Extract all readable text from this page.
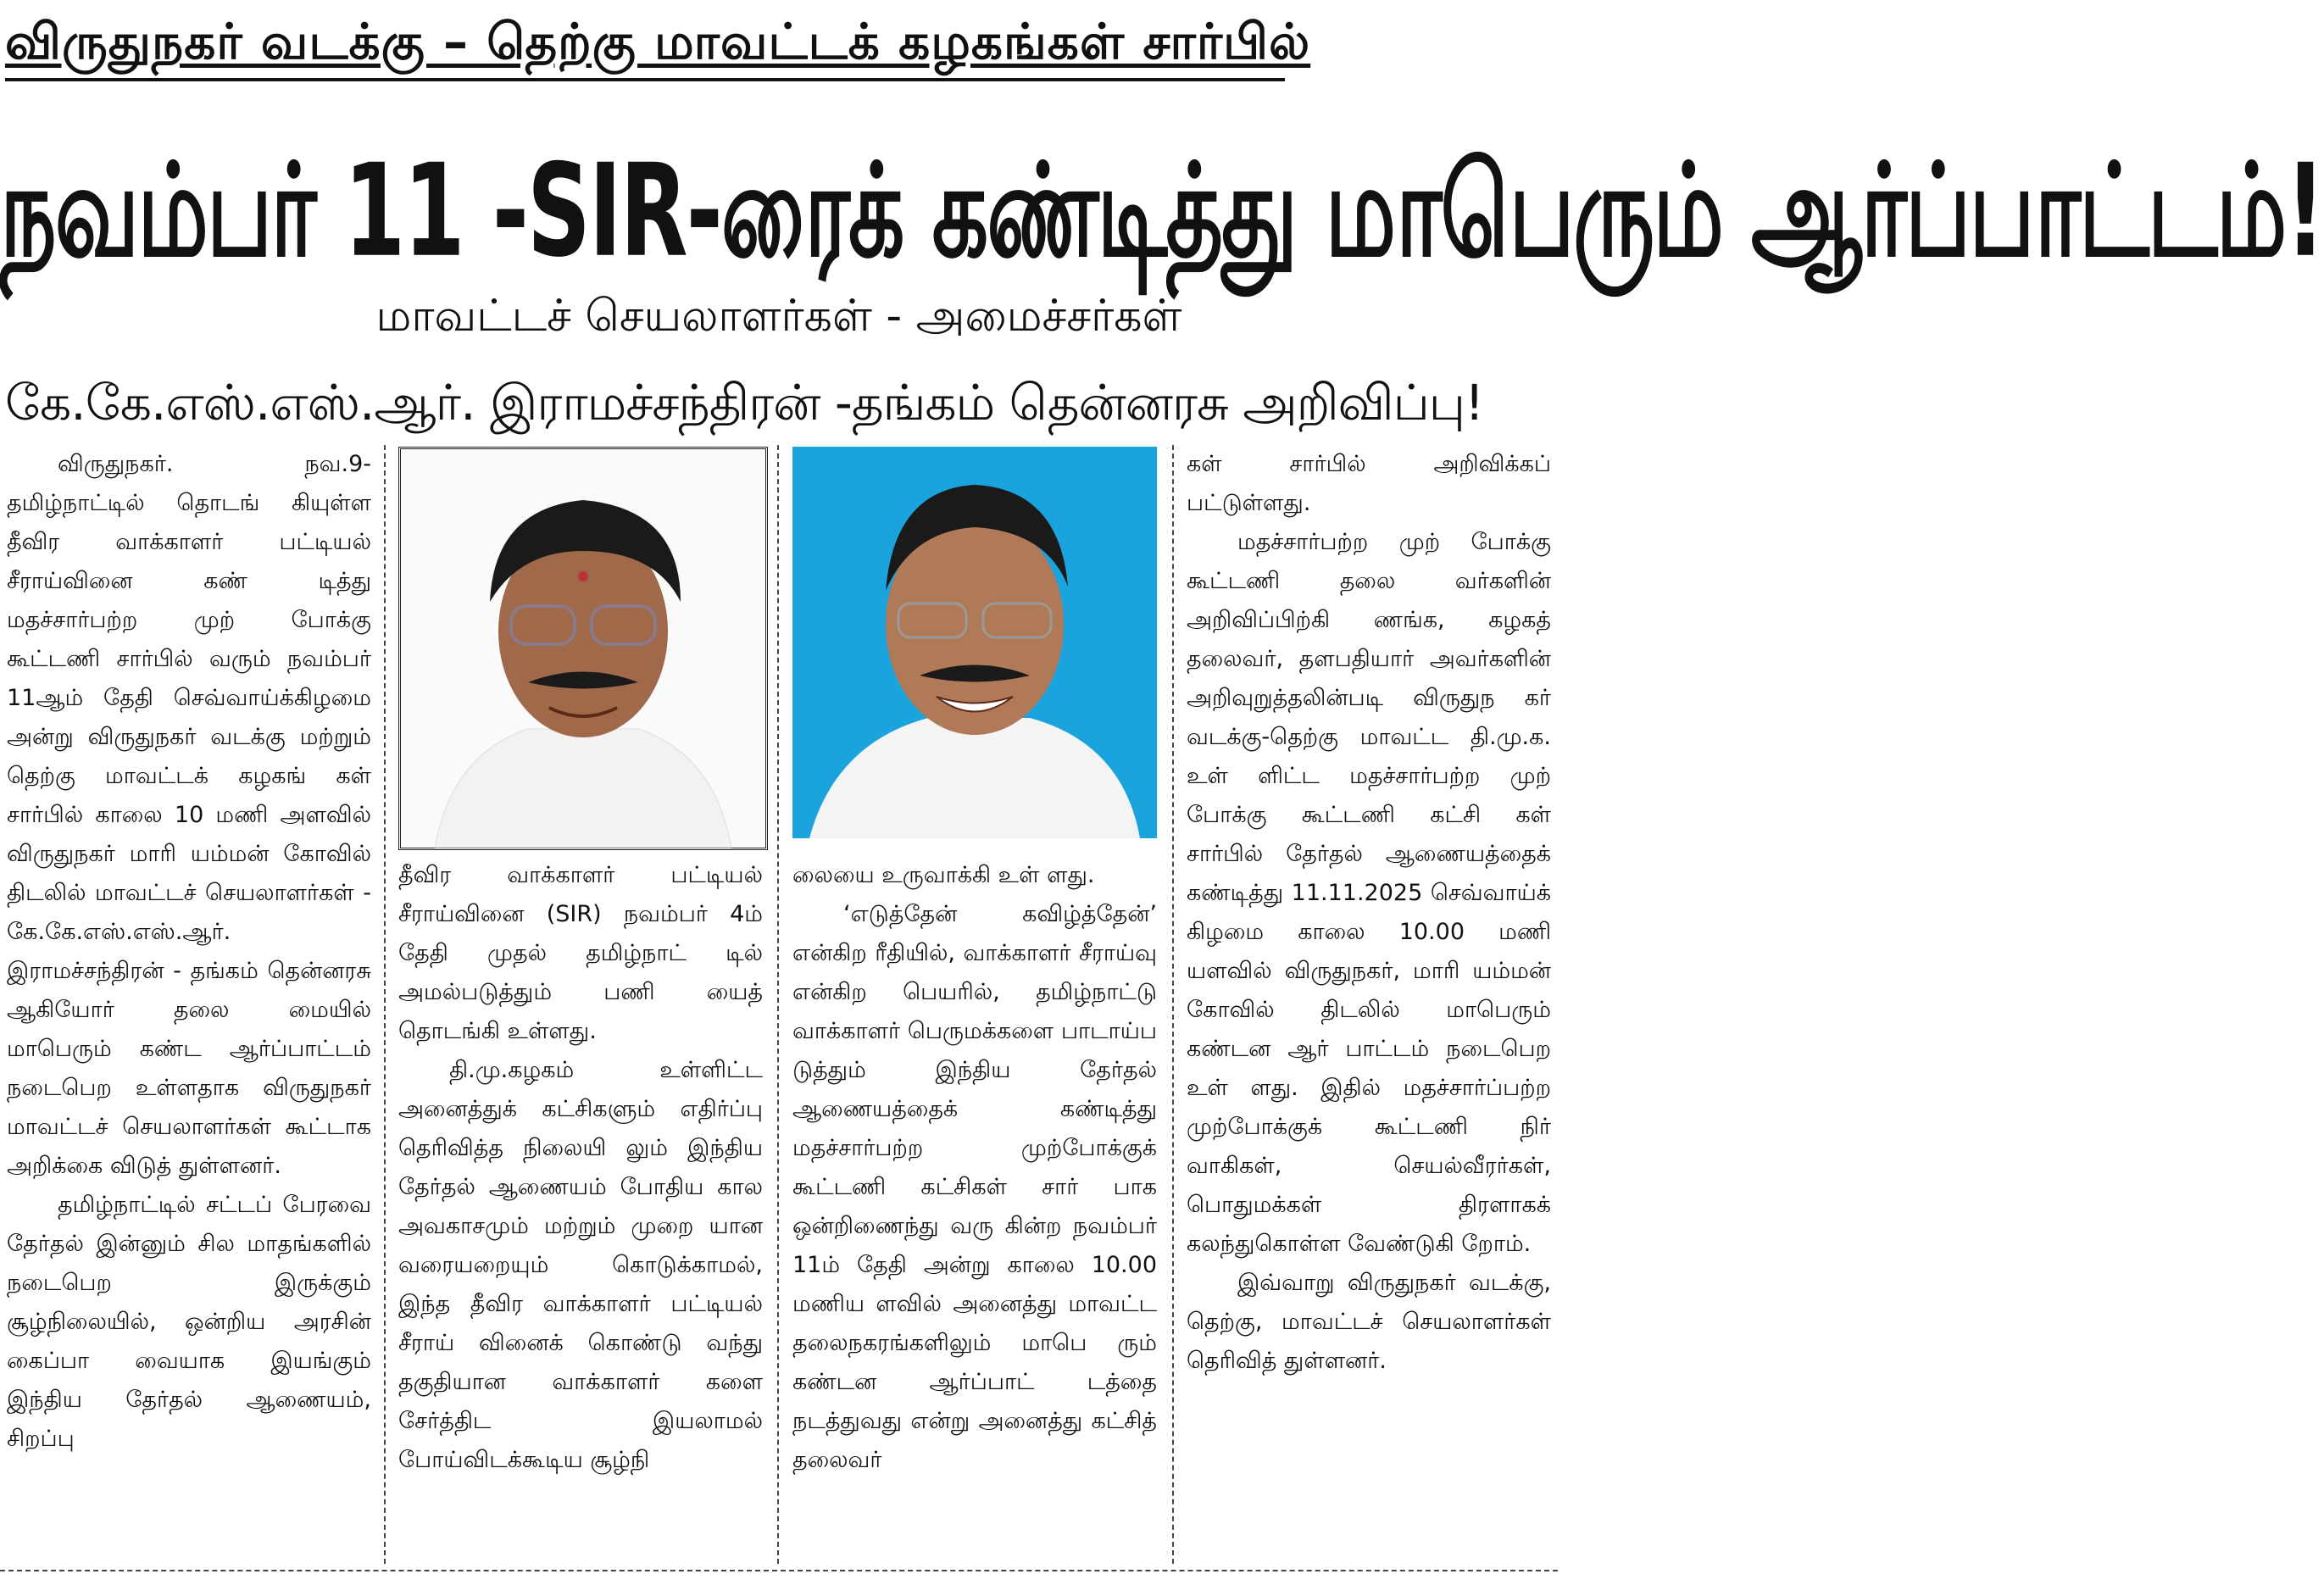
விருதுநகர் வடக்கு – தெற்கு மாவட்டக் கழகங்கள் சார்பில்
நவம்பர் 11 -SIR-ரைக் கண்டித்து மாபெரும் ஆர்ப்பாட்டம்!
மாவட்டச் செயலாளர்கள் - அமைச்சர்கள்
கே.கே.எஸ்.எஸ்.ஆர். இராமச்சந்திரன் -தங்கம் தென்னரசு அறிவிப்பு!

விருதுநகர். நவ.9- தமிழ்நாட்டில் தொடங் கியுள்ள தீவிர வாக்காளர் பட்டியல் சீராய்வினை கண் டித்து மதச்சார்பற்ற முற் போக்கு கூட்டணி சார்பில் வரும் நவம்பர் 11ஆம் தேதி செவ்வாய்க்கிழமை அன்று விருதுநகர் வடக்கு மற்றும் தெற்கு மாவட்டக் கழகங் கள் சார்பில் காலை 10 மணி அளவில் விருதுநகர் மாரி யம்மன் கோவில் திடலில் மாவட்டச் செயலாளர்கள் - கே.கே.எஸ்.எஸ்.ஆர். இராமச்சந்திரன் - தங்கம் தென்னரசு ஆகியோர் தலை மையில் மாபெரும் கண்ட ஆர்ப்பாட்டம் நடைபெற உள்ளதாக விருதுநகர் மாவட்டச் செயலாளர்கள் கூட்டாக அறிக்கை விடுத் துள்ளனர்.

தமிழ்நாட்டில் சட்டப் பேரவை தேர்தல் இன்னும் சில மாதங்களில் நடைபெற இருக்கும் சூழ்நிலையில், ஒன்றிய அரசின் கைப்பா வையாக இயங்கும் இந்திய தேர்தல் ஆணையம், சிறப்பு

தீவிர வாக்காளர் பட்டியல் சீராய்வினை (SIR) நவம்பர் 4ம் தேதி முதல் தமிழ்நாட் டில் அமல்படுத்தும் பணி யைத் தொடங்கி உள்ளது.

தி.மு.கழகம் உள்ளிட்ட அனைத்துக் கட்சிகளும் எதிர்ப்பு தெரிவித்த நிலையி லும் இந்திய தேர்தல் ஆணையம் போதிய கால அவகாசமும் மற்றும் முறை யான வரையறையும் கொடுக்காமல், இந்த தீவிர வாக்காளர் பட்டியல் சீராய் வினைக் கொண்டு வந்து தகுதியான வாக்காளர் களை சேர்த்திட இயலாமல் போய்விடக்கூடிய சூழ்நி

லையை உருவாக்கி உள் ளது.

‘எடுத்தேன் கவிழ்த்தேன்’ என்கிற ரீதியில், வாக்காளர் சீராய்வு என்கிற பெயரில், தமிழ்நாட்டு வாக்காளர் பெருமக்களை பாடாய்ப டுத்தும் இந்திய தேர்தல் ஆணையத்தைக் கண்டித்து மதச்சார்பற்ற முற்போக்குக் கூட்டணி கட்சிகள் சார் பாக ஒன்றிணைந்து வரு கின்ற நவம்பர் 11ம் தேதி அன்று காலை 10.00 மணிய ளவில் அனைத்து மாவட்ட தலைநகரங்களிலும் மாபெ ரும் கண்டன ஆர்ப்பாட் டத்தை நடத்துவது என்று அனைத்து கட்சித் தலைவர்

கள் சார்பில் அறிவிக்கப் பட்டுள்ளது.

மதச்சார்பற்ற முற் போக்கு கூட்டணி தலை வர்களின் அறிவிப்பிற்கி ணங்க, கழகத் தலைவர், தளபதியார் அவர்களின் அறிவுறுத்தலின்படி விருதுந கர் வடக்கு-தெற்கு மாவட்ட தி.மு.க. உள் ளிட்ட மதச்சார்பற்ற முற் போக்கு கூட்டணி கட்சி கள் சார்பில் தேர்தல் ஆணையத்தைக் கண்டித்து 11.11.2025 செவ்வாய்க் கிழமை காலை 10.00 மணி யளவில் விருதுநகர், மாரி யம்மன் கோவில் திடலில் மாபெரும் கண்டன ஆர் பாட்டம் நடைபெற உள் ளது. இதில் மதச்சார்ப்பற்ற முற்போக்குக் கூட்டணி நிர் வாகிகள், செயல்வீரர்கள், பொதுமக்கள் திரளாகக் கலந்துகொள்ள வேண்டுகி றோம்.

இவ்வாறு விருதுநகர் வடக்கு, தெற்கு, மாவட்டச் செயலாளர்கள் தெரிவித் துள்ளனர்.
